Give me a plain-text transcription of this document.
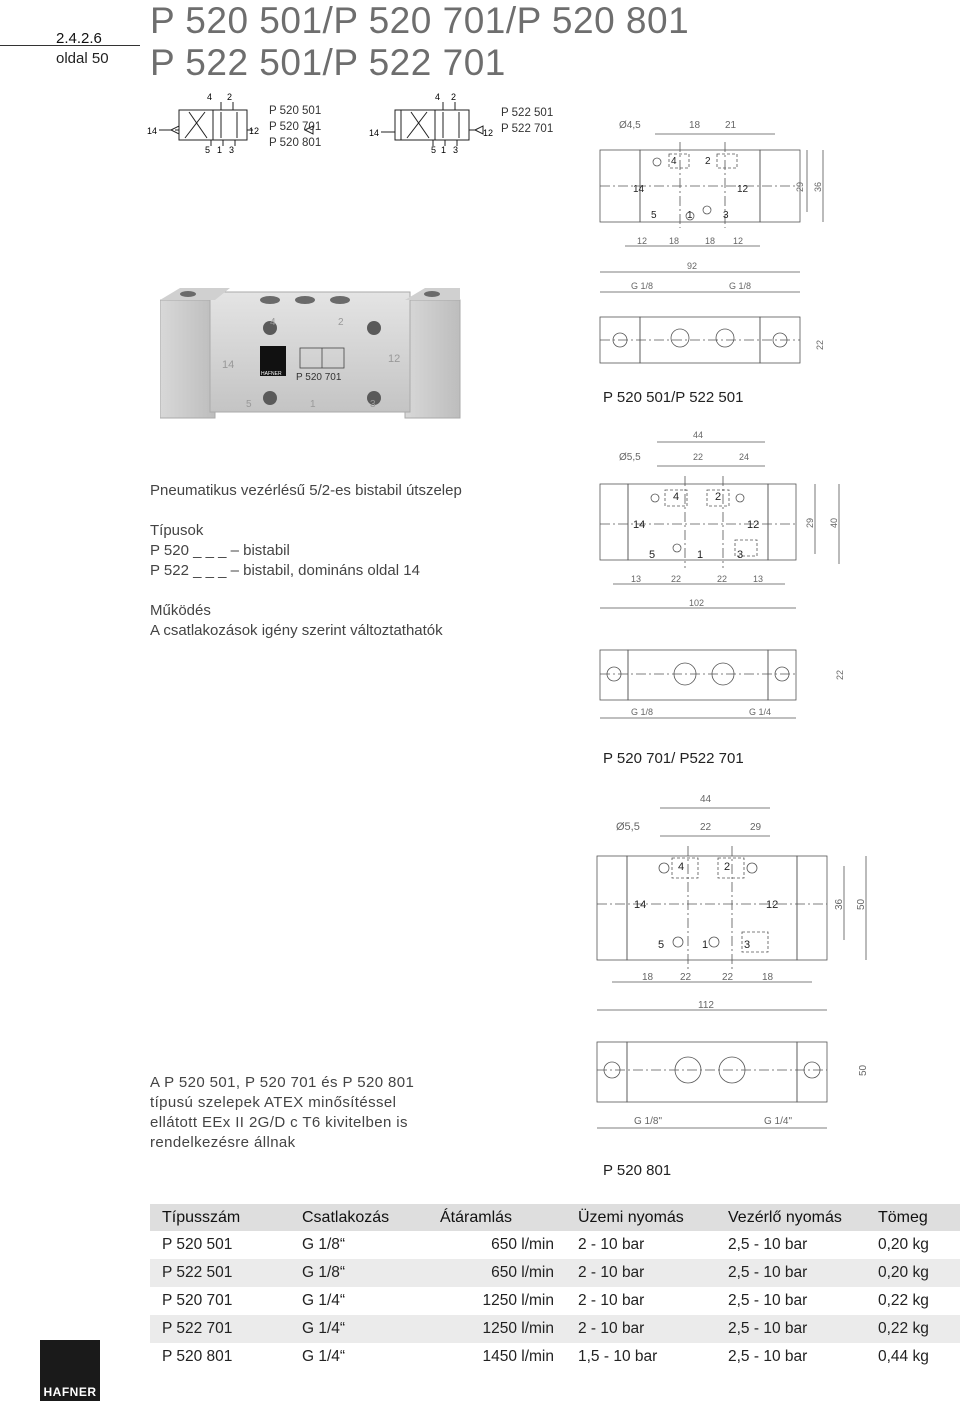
2.4.2.6
oldal 50
P 520 501/P 520 701/P 520 801
P 522 501/P 522 701
14	12
4 2
5 1 3
P 520 501
P 520 701
P 520 801
14	12
4 2
5 1 3
P 522 501
P 522 701
HAFNER P 520 701
4	2
14	12
5	1	3
Ø4,5	18 21
4	2
14	12
5	1	3
29 36
12 18	18 12
92
G 1/8	G 1/8
22
P 520 501/P 522 501
44
Ø5,5	22	24
4	2
14	12
5	1	3
29 40
13	22	22	13
102
22
G 1/8	G 1/4
P 520 701/ P522 701
44
Ø5,5	22	29
4	2
14	12
5	1	3
36 50
18	22	22	18
112
50
G 1/8"	G 1/4"
P 520 801
Pneumatikus vezérlésű 5/2-es bistabil útszelep
Típusok
P 520 _ _ _ – bistabil
P 522 _ _ _ – bistabil, domináns oldal 14
Működés
A csatlakozások igény szerint változtathatók
A P 520 501, P 520 701 és P 520 801
típusú szelepek ATEX minősítéssel
ellátott EEx II 2G/D c T6 kivitelben is
rendelkezésre állnak
Típusszám	Csatlakozás	Átáramlás	Üzemi nyomás	Vezérlő nyomás	Tömeg
P 520 501	G 1/8“	650 l/min	2 - 10 bar	2,5 - 10 bar	0,20 kg
P 522 501	G 1/8“	650 l/min	2 - 10 bar	2,5 - 10 bar	0,20 kg
P 520 701	G 1/4“	1250 l/min	2 - 10 bar	2,5 - 10 bar	0,22 kg
P 522 701	G 1/4“	1250 l/min	2 - 10 bar	2,5 - 10 bar	0,22 kg
P 520 801	G 1/4“	1450 l/min	1,5 - 10 bar	2,5 - 10 bar	0,44 kg
HAFNER
